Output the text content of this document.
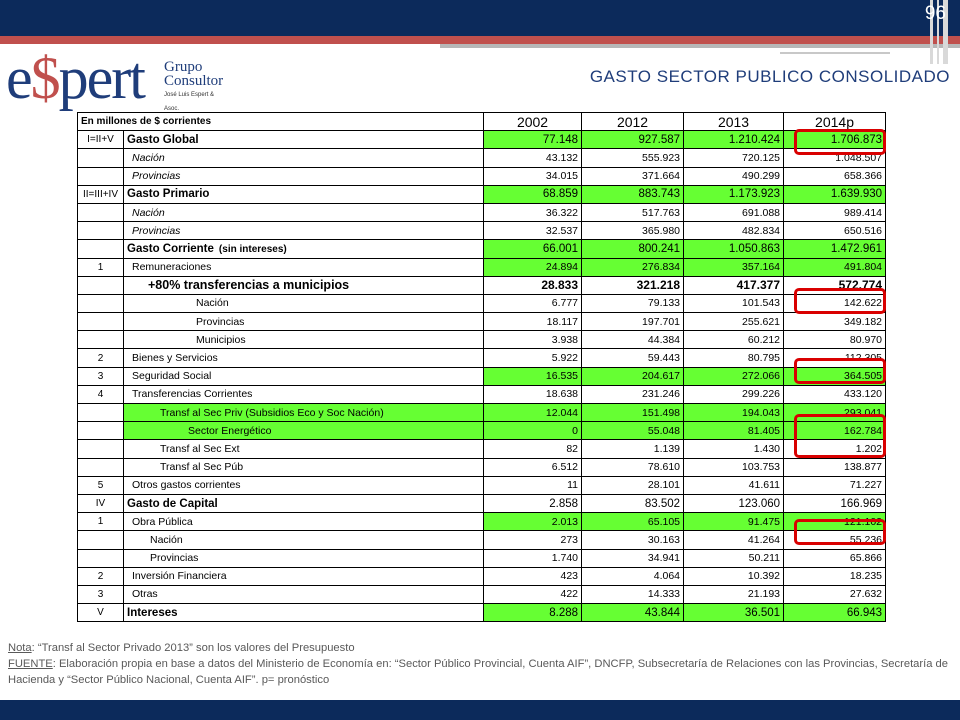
96
e$pert Grupo
Consultor
José Luis Espert & Asoc.
GASTO SECTOR PUBLICO CONSOLIDADO
En millones de $ corrientes		2002	2012	2013	2014p
I=II+V	Gasto Global	77.148	927.587	1.210.424	1.706.873
	Nación	43.132	555.923	720.125	1.048.507
	Provincias	34.015	371.664	490.299	658.366
II=III+IV	Gasto Primario	68.859	883.743	1.173.923	1.639.930
	Nación	36.322	517.763	691.088	989.414
	Provincias	32.537	365.980	482.834	650.516
	Gasto Corriente (sin intereses)	66.001	800.241	1.050.863	1.472.961
1	Remuneraciones	24.894	276.834	357.164	491.804
	+80% transferencias a municipios	28.833	321.218	417.377	572.774
	Nación	6.777	79.133	101.543	142.622
	Provincias	18.117	197.701	255.621	349.182
	Municipios	3.938	44.384	60.212	80.970
2	Bienes y Servicios	5.922	59.443	80.795	112.305
3	Seguridad Social	16.535	204.617	272.066	364.505
4	Transferencias Corrientes	18.638	231.246	299.226	433.120
	Transf al Sec Priv (Subsidios Eco y Soc Nación)	12.044	151.498	194.043	293.041
	Sector Energético	0	55.048	81.405	162.784
	Transf al Sec Ext	82	1.139	1.430	1.202
	Transf al Sec Púb	6.512	78.610	103.753	138.877
5	Otros gastos corrientes	11	28.101	41.611	71.227
IV	Gasto de Capital	2.858	83.502	123.060	166.969
1	Obra Pública	2.013	65.105	91.475	121.102
	Nación	273	30.163	41.264	55.236
	Provincias	1.740	34.941	50.211	65.866
2	Inversión Financiera	423	4.064	10.392	18.235
3	Otras	422	14.333	21.193	27.632
V	Intereses	8.288	43.844	36.501	66.943
Nota: “Transf al Sector Privado 2013” son los valores del Presupuesto
FUENTE: Elaboración propia en base a datos del Ministerio de Economía en: “Sector Público Provincial, Cuenta AIF”, DNCFP, Subsecretaría de Relaciones con las Provincias, Secretaría de Hacienda y “Sector Público Nacional, Cuenta AIF”. p= pronóstico
